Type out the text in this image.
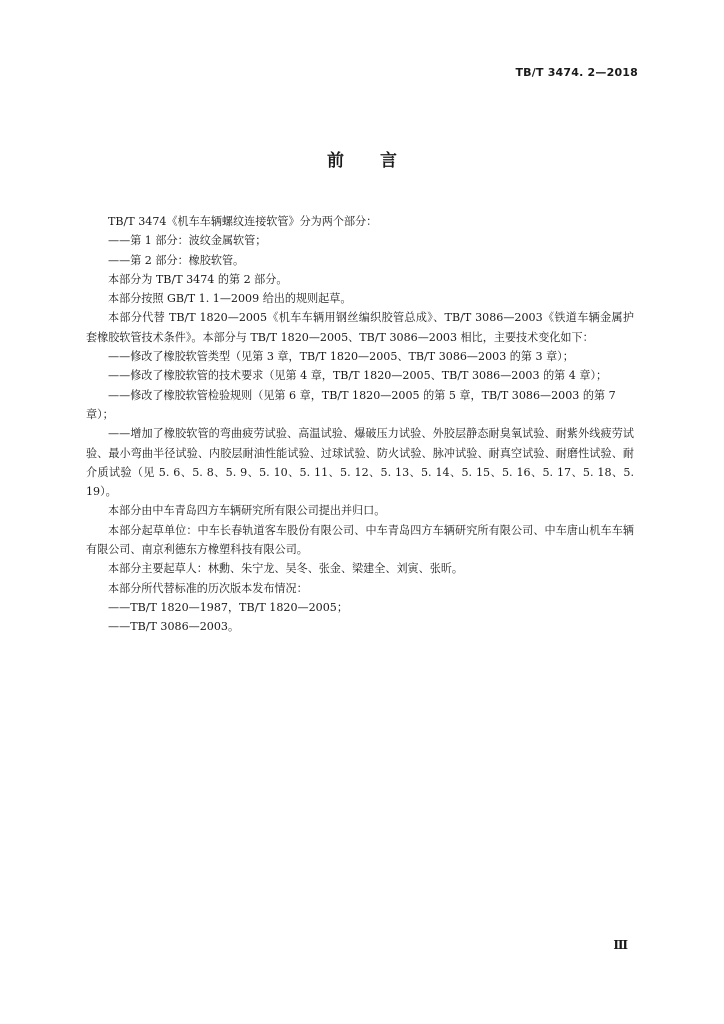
TB/T 3474. 2—2018
前言

TB/T 3474《机车车辆螺纹连接软管》分为两个部分：

——第 1 部分：波纹金属软管；

——第 2 部分：橡胶软管。

本部分为 TB/T 3474 的第 2 部分。

本部分按照 GB/T 1. 1—2009 给出的规则起草。

本部分代替 TB/T 1820—2005《机车车辆用钢丝编织胶管总成》、TB/T 3086—2003《铁道车辆金属护套橡胶软管技术条件》。本部分与 TB/T 1820—2005、TB/T 3086—2003 相比，主要技术变化如下：

——修改了橡胶软管类型（见第 3 章，TB/T 1820—2005、TB/T 3086—2003 的第 3 章）；

——修改了橡胶软管的技术要求（见第 4 章，TB/T 1820—2005、TB/T 3086—2003 的第 4 章）；

——修改了橡胶软管检验规则（见第 6 章，TB/T 1820—2005 的第 5 章，TB/T 3086—2003 的第 7 章）；

——增加了橡胶软管的弯曲疲劳试验、高温试验、爆破压力试验、外胶层静态耐臭氧试验、耐紫外线疲劳试验、最小弯曲半径试验、内胶层耐油性能试验、过球试验、防火试验、脉冲试验、耐真空试验、耐磨性试验、耐介质试验（见 5. 6、5. 8、5. 9、5. 10、5. 11、5. 12、5. 13、5. 14、5. 15、5. 16、5. 17、5. 18、5. 19）。

本部分由中车青岛四方车辆研究所有限公司提出并归口。

本部分起草单位：中车长春轨道客车股份有限公司、中车青岛四方车辆研究所有限公司、中车唐山机车车辆有限公司、南京利德东方橡塑科技有限公司。

本部分主要起草人：林勳、朱宁龙、吴冬、张金、梁建全、刘寅、张昕。

本部分所代替标准的历次版本发布情况：

——TB/T 1820—1987，TB/T 1820—2005；

——TB/T 3086—2003。

Ⅲ
